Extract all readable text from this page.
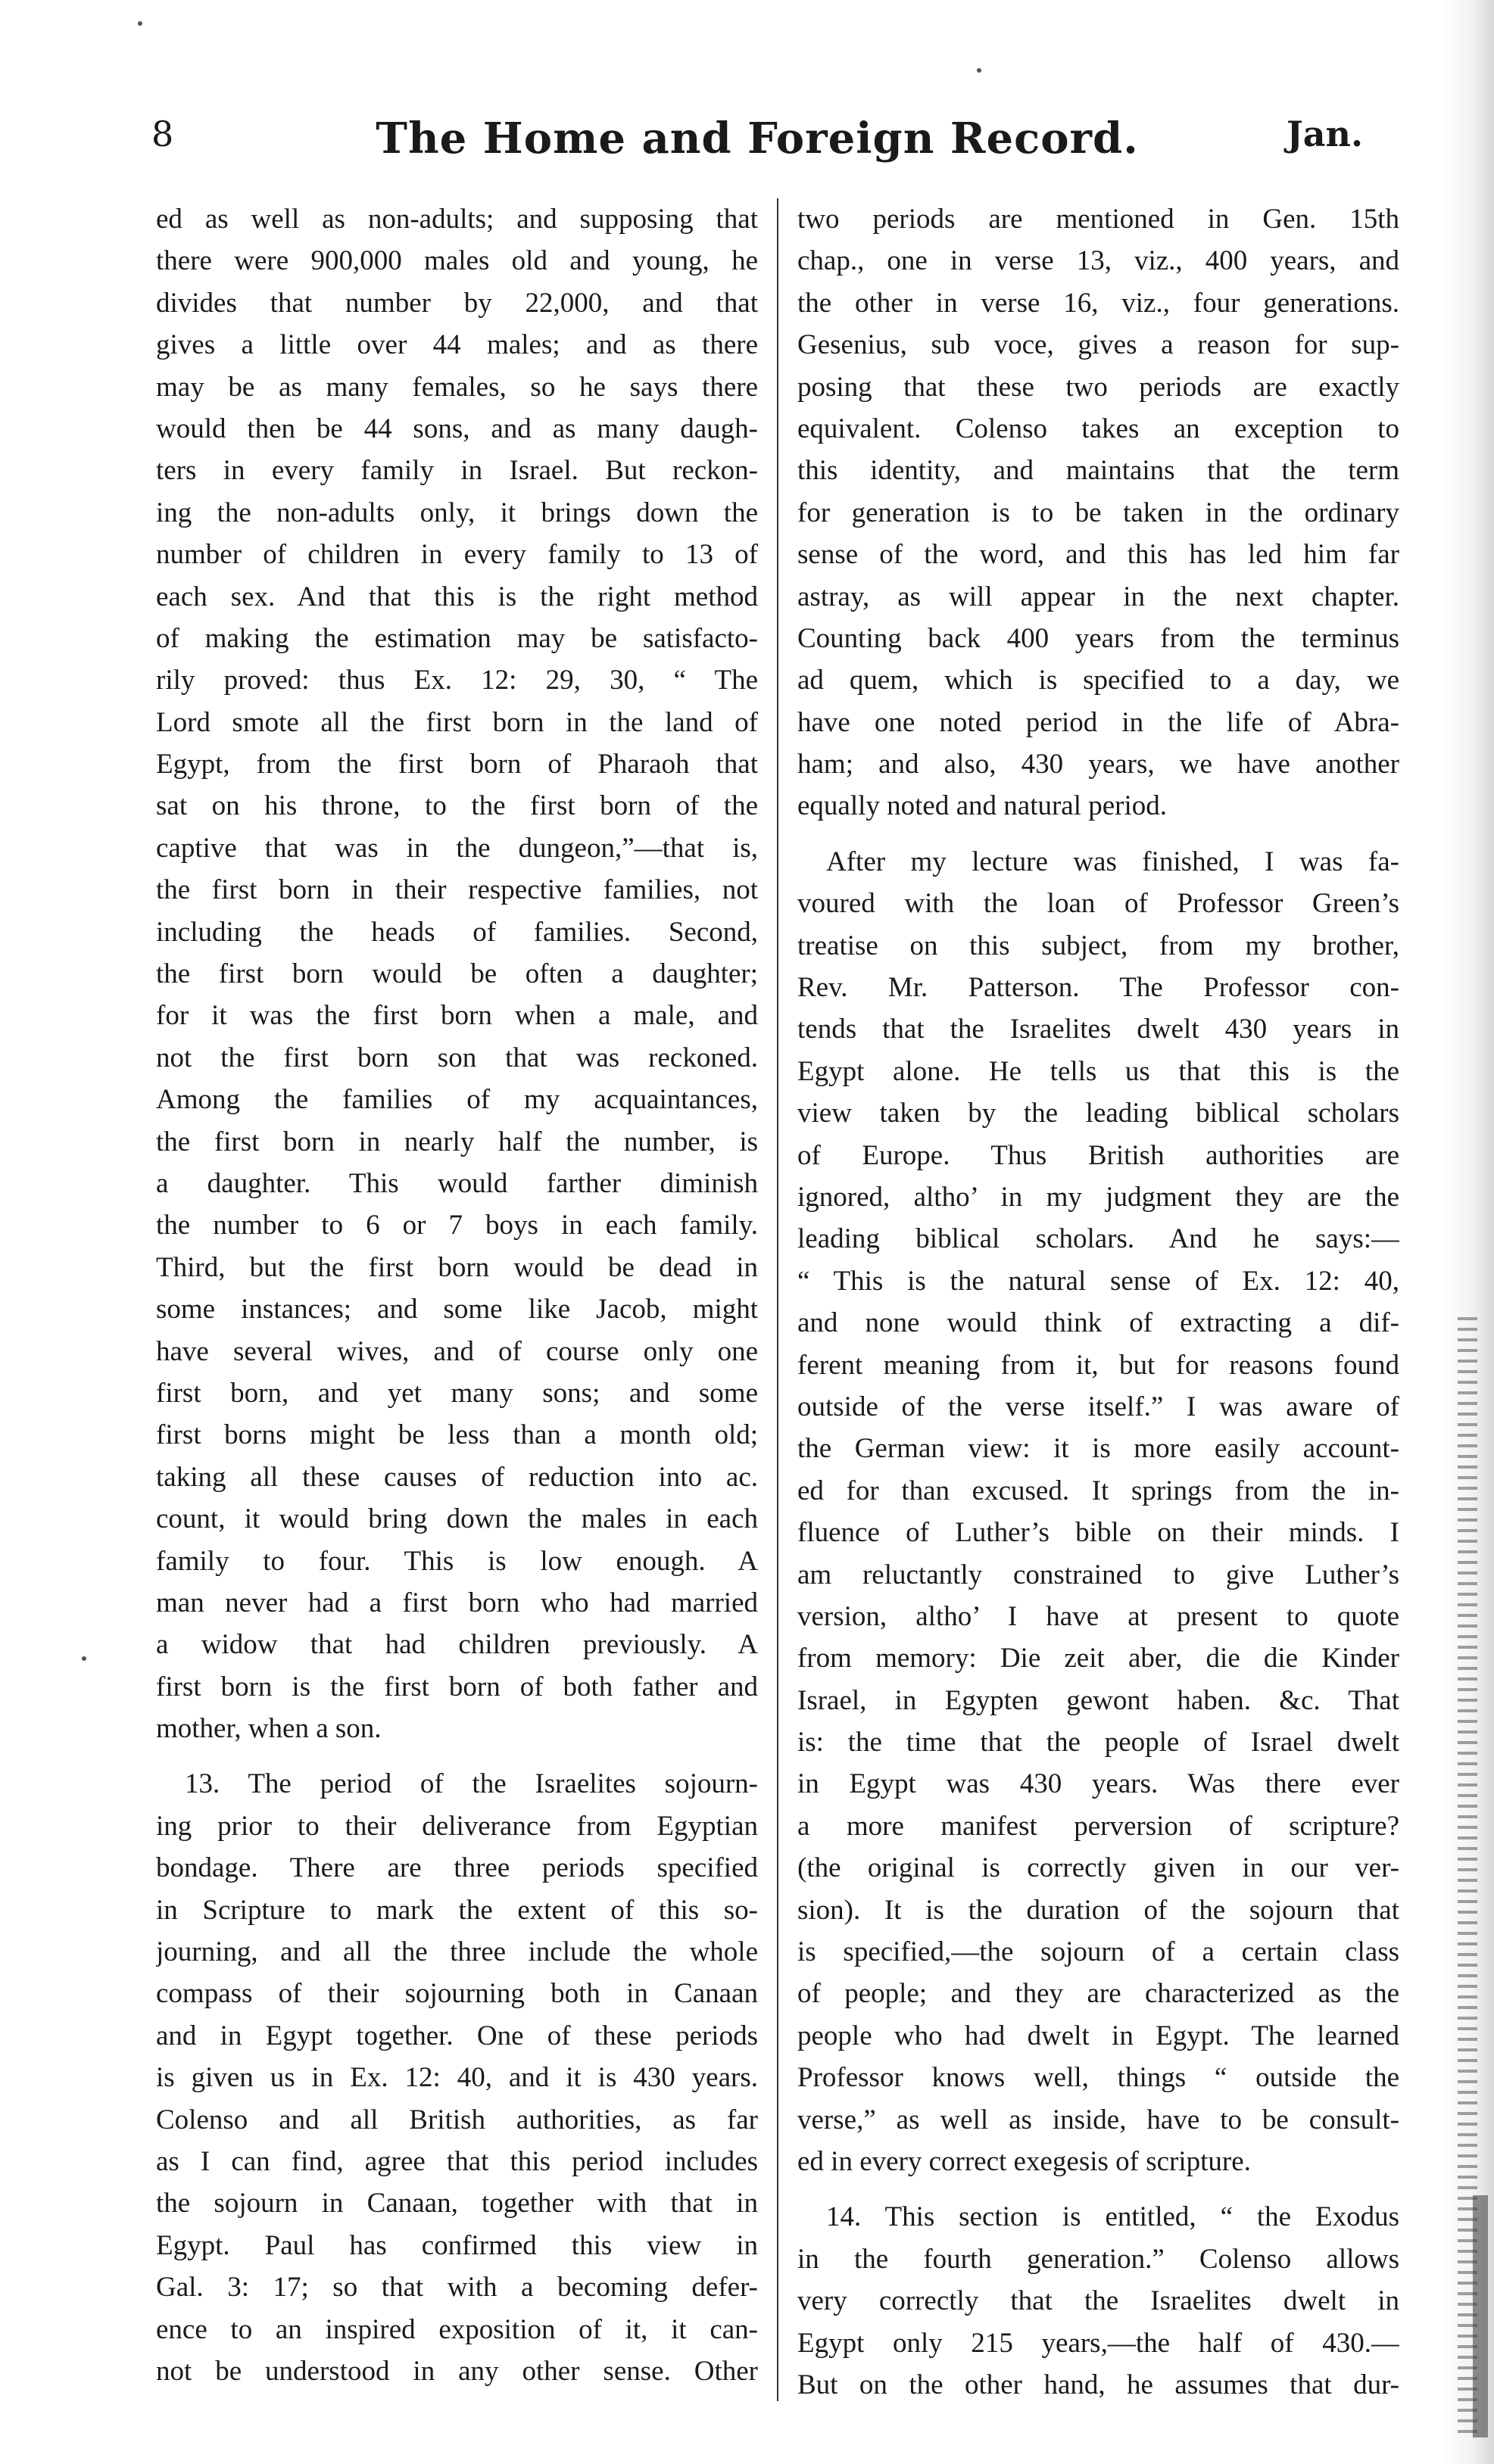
8	The Home and Foreign Record.	Jan.
ed as well as non-adults; and supposing that
there were 900,000 males old and young, he
divides that number by 22,000, and that
gives a little over 44 males; and as there
may be as many females, so he says there
would then be 44 sons, and as many daugh-
ters in every family in Israel. But reckon-
ing the non-adults only, it brings down the
number of children in every family to 13 of
each sex. And that this is the right method
of making the estimation may be satisfacto-
rily proved: thus Ex. 12: 29, 30, “ The
Lord smote all the first born in the land of
Egypt, from the first born of Pharaoh that
sat on his throne, to the first born of the
captive that was in the dungeon,”—that is,
the first born in their respective families, not
including the heads of families. Second,
the first born would be often a daughter;
for it was the first born when a male, and
not the first born son that was reckoned.
Among the families of my acquaintances,
the first born in nearly half the number, is
a daughter. This would farther diminish
the number to 6 or 7 boys in each family.
Third, but the first born would be dead in
some instances; and some like Jacob, might
have several wives, and of course only one
first born, and yet many sons; and some
first borns might be less than a month old;
taking all these causes of reduction into ac.
count, it would bring down the males in each
family to four. This is low enough. A
man never had a first born who had married
a widow that had children previously. A
first born is the first born of both father and
mother, when a son.
13. The period of the Israelites sojourn-
ing prior to their deliverance from Egyptian
bondage. There are three periods specified
in Scripture to mark the extent of this so-
journing, and all the three include the whole
compass of their sojourning both in Canaan
and in Egypt together. One of these periods
is given us in Ex. 12: 40, and it is 430 years.
Colenso and all British authorities, as far
as I can find, agree that this period includes
the sojourn in Canaan, together with that in
Egypt. Paul has confirmed this view in
Gal. 3: 17; so that with a becoming defer-
ence to an inspired exposition of it, it can-
not be understood in any other sense. Other
two periods are mentioned in Gen. 15th
chap., one in verse 13, viz., 400 years, and
the other in verse 16, viz., four generations.
Gesenius, sub voce, gives a reason for sup-
posing that these two periods are exactly
equivalent. Colenso takes an exception to
this identity, and maintains that the term
for generation is to be taken in the ordinary
sense of the word, and this has led him far
astray, as will appear in the next chapter.
Counting back 400 years from the terminus
ad quem, which is specified to a day, we
have one noted period in the life of Abra-
ham; and also, 430 years, we have another
equally noted and natural period.
After my lecture was finished, I was fa-
voured with the loan of Professor Green’s
treatise on this subject, from my brother,
Rev. Mr. Patterson. The Professor con-
tends that the Israelites dwelt 430 years in
Egypt alone. He tells us that this is the
view taken by the leading biblical scholars
of Europe. Thus British authorities are
ignored, altho’ in my judgment they are the
leading biblical scholars. And he says:—
“ This is the natural sense of Ex. 12: 40,
and none would think of extracting a dif-
ferent meaning from it, but for reasons found
outside of the verse itself.” I was aware of
the German view: it is more easily account-
ed for than excused. It springs from the in-
fluence of Luther’s bible on their minds. I
am reluctantly constrained to give Luther’s
version, altho’ I have at present to quote
from memory: Die zeit aber, die die Kinder
Israel, in Egypten gewont haben. &c. That
is: the time that the people of Israel dwelt
in Egypt was 430 years. Was there ever
a more manifest perversion of scripture?
(the original is correctly given in our ver-
sion). It is the duration of the sojourn that
is specified,—the sojourn of a certain class
of people; and they are characterized as the
people who had dwelt in Egypt. The learned
Professor knows well, things “ outside the
verse,” as well as inside, have to be consult-
ed in every correct exegesis of scripture.
14. This section is entitled, “ the Exodus
in the fourth generation.” Colenso allows
very correctly that the Israelites dwelt in
Egypt only 215 years,—the half of 430.—
But on the other hand, he assumes that dur-
